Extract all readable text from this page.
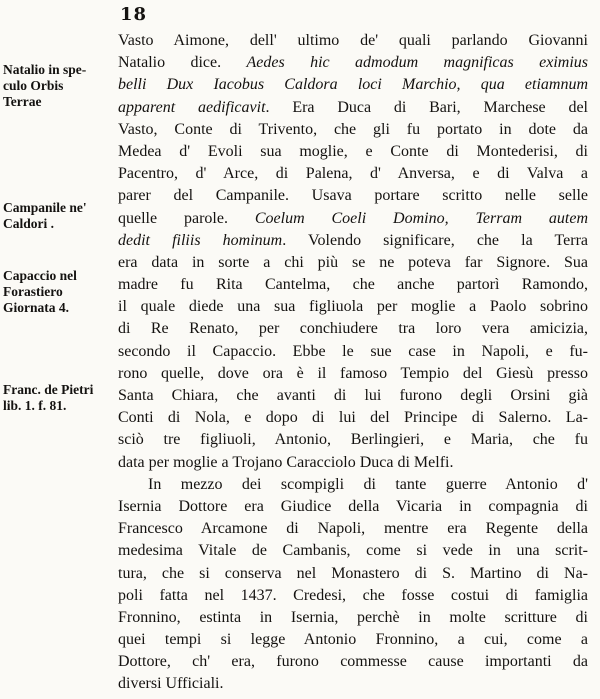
18
Natalio in spe-
culo Orbis
Terrae
Campanile ne'
Caldori .
Capaccio nel
Forastiero
Giornata 4.
Franc. de Pietri
lib. 1. f. 81.
Vasto Aimone, dell' ultimo de' quali parlando Giovanni
Natalio dice. Aedes hic admodum magnificas eximius
belli Dux Iacobus Caldora loci Marchio, qua etiamnum
apparent aedificavit. Era Duca di Bari, Marchese del
Vasto, Conte di Trivento, che gli fu portato in dote da
Medea d' Evoli sua moglie, e Conte di Montederisi, di
Pacentro, d' Arce, di Palena, d' Anversa, e di Valva a
parer del Campanile. Usava portare scritto nelle selle
quelle parole. Coelum Coeli Domino, Terram autem
dedit filiis hominum. Volendo significare, che la Terra
era data in sorte a chi più se ne poteva far Signore. Sua
madre fu Rita Cantelma, che anche partorì Ramondo,
il quale diede una sua figliuola per moglie a Paolo sobrino
di Re Renato, per conchiudere tra loro vera amicizia,
secondo il Capaccio. Ebbe le sue case in Napoli, e fu-
rono quelle, dove ora è il famoso Tempio del Giesù presso
Santa Chiara, che avanti di lui furono degli Orsini già
Conti di Nola, e dopo di lui del Principe di Salerno. La-
sciò tre figliuoli, Antonio, Berlingieri, e Maria, che fu
data per moglie a Trojano Caracciolo Duca di Melfi.
In mezzo dei scompigli di tante guerre Antonio d'
Isernia Dottore era Giudice della Vicaria in compagnia di
Francesco Arcamone di Napoli, mentre era Regente della
medesima Vitale de Cambanis, come si vede in una scrit-
tura, che si conserva nel Monastero di S. Martino di Na-
poli fatta nel 1437. Credesi, che fosse costui di famiglia
Fronnino, estinta in Isernia, perchè in molte scritture di
quei tempi si legge Antonio Fronnino, a cui, come a
Dottore, ch' era, furono commesse cause importanti da
diversi Ufficiali.
